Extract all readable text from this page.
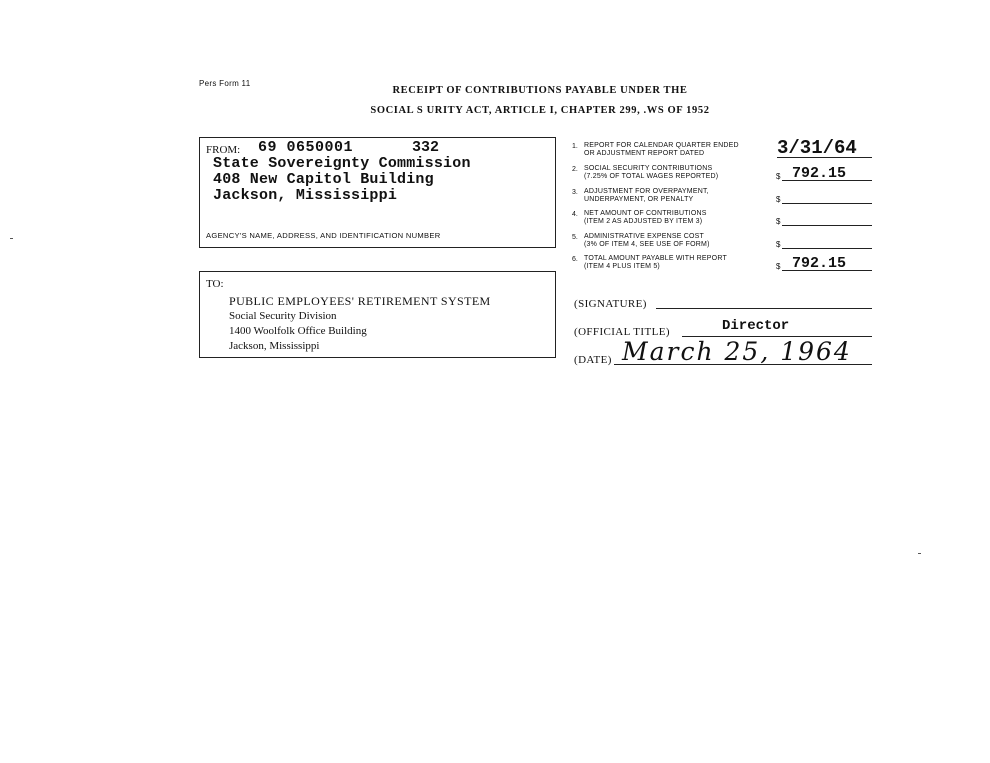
Pers Form 11
RECEIPT OF CONTRIBUTIONS PAYABLE UNDER THE
SOCIAL S URITY ACT, ARTICLE I, CHAPTER 299, .WS OF 1952
FROM: 69 0650001	332
State Sovereignty Commission
408 New Capitol Building
Jackson, Mississippi
AGENCY'S NAME, ADDRESS, AND IDENTIFICATION NUMBER
TO:
PUBLIC EMPLOYEES' RETIREMENT SYSTEM
Social Security Division
1400 Woolfolk Office Building
Jackson, Mississippi
1. REPORT FOR CALENDAR QUARTER ENDED
OR ADJUSTMENT REPORT DATED	3/31/64
2. SOCIAL SECURITY CONTRIBUTIONS
(7.25% OF TOTAL WAGES REPORTED)	$ 792.15
3. ADJUSTMENT FOR OVERPAYMENT,
UNDERPAYMENT, OR PENALTY	$
4. NET AMOUNT OF CONTRIBUTIONS
(ITEM 2 AS ADJUSTED BY ITEM 3)	$
5. ADMINISTRATIVE EXPENSE COST
(3% OF ITEM 4, SEE USE OF FORM)	$
6. TOTAL AMOUNT PAYABLE WITH REPORT
(ITEM 4 PLUS ITEM 5)	$ 792.15
(SIGNATURE)
(OFFICIAL TITLE)	Director
(DATE) March 25, 1964
